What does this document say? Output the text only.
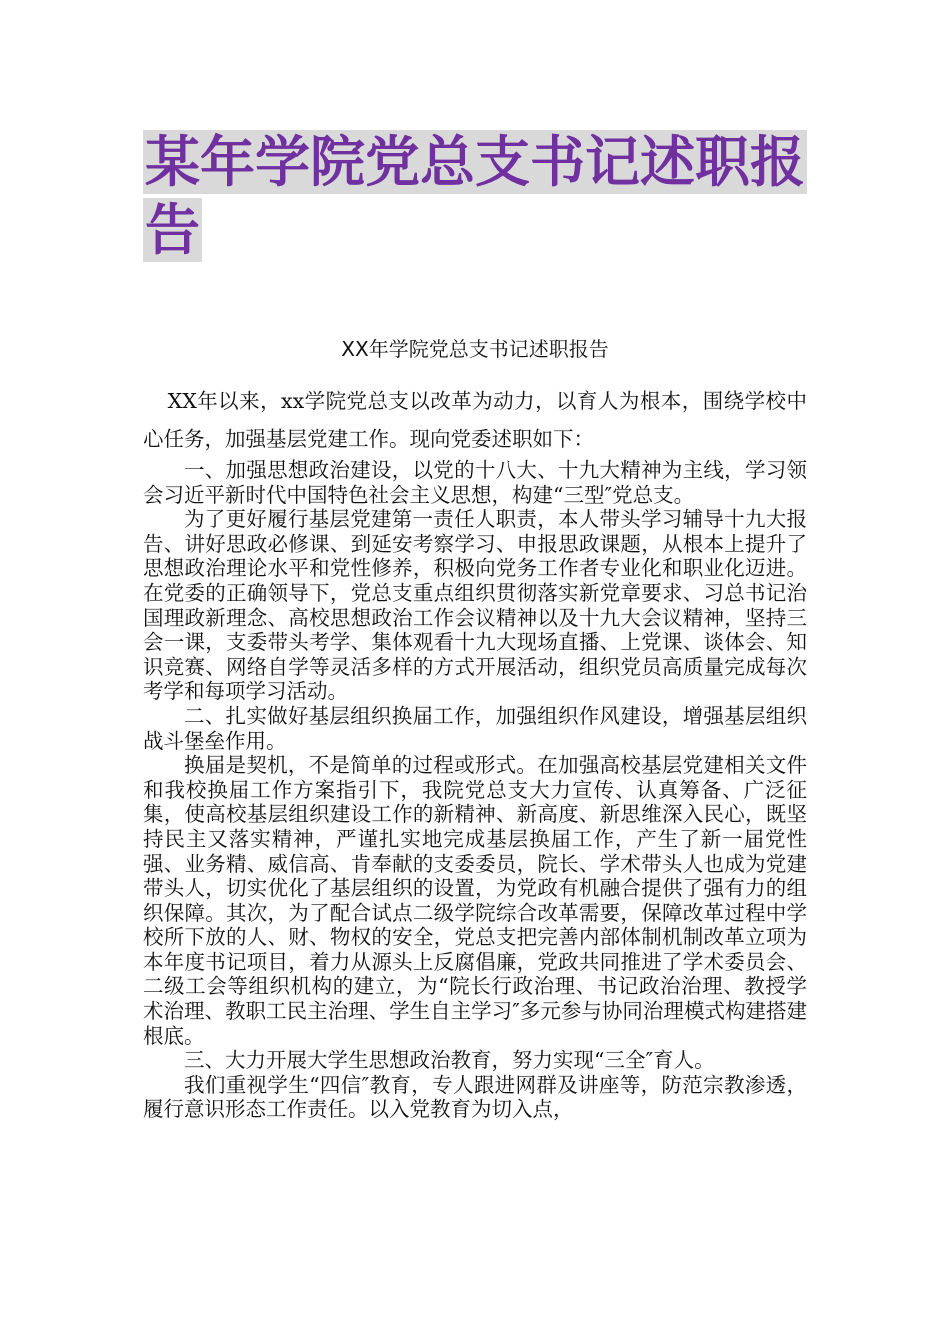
某年学院党总支书记述职报告

XX年学院党总支书记述职报告

XX年以来，xx学院党总支以改革为动力，以育人为根本，围绕学校中心任务，加强基层党建工作。现向党委述职如下：

一、加强思想政治建设，以党的十八大、十九大精神为主线，学习领会习近平新时代中国特色社会主义思想，构建“三型″党总支。

为了更好履行基层党建第一责任人职责，本人带头学习辅导十九大报告、讲好思政必修课、到延安考察学习、申报思政课题，从根本上提升了思想政治理论水平和党性修养，积极向党务工作者专业化和职业化迈进。在党委的正确领导下，党总支重点组织贯彻落实新党章要求、习总书记治国理政新理念、高校思想政治工作会议精神以及十九大会议精神，坚持三会一课，支委带头考学、集体观看十九大现场直播、上党课、谈体会、知识竞赛、网络自学等灵活多样的方式开展活动，组织党员高质量完成每次考学和每项学习活动。

二、扎实做好基层组织换届工作，加强组织作风建设，增强基层组织战斗堡垒作用。

换届是契机，不是简单的过程或形式。在加强高校基层党建相关文件和我校换届工作方案指引下，我院党总支大力宣传、认真筹备、广泛征集，使高校基层组织建设工作的新精神、新高度、新思维深入民心，既坚持民主又落实精神，严谨扎实地完成基层换届工作，产生了新一届党性强、业务精、威信高、肯奉献的支委委员，院长、学术带头人也成为党建带头人，切实优化了基层组织的设置，为党政有机融合提供了强有力的组织保障。其次，为了配合试点二级学院综合改革需要，保障改革过程中学校所下放的人、财、物权的安全，党总支把完善内部体制机制改革立项为本年度书记项目，着力从源头上反腐倡廉，党政共同推进了学术委员会、二级工会等组织机构的建立，为“院长行政治理、书记政治治理、教授学术治理、教职工民主治理、学生自主学习″多元参与协同治理模式构建搭建根底。

三、大力开展大学生思想政治教育，努力实现“三全″育人。

我们重视学生“四信″教育，专人跟进网群及讲座等，防范宗教渗透，履行意识形态工作责任。以入党教育为切入点，
